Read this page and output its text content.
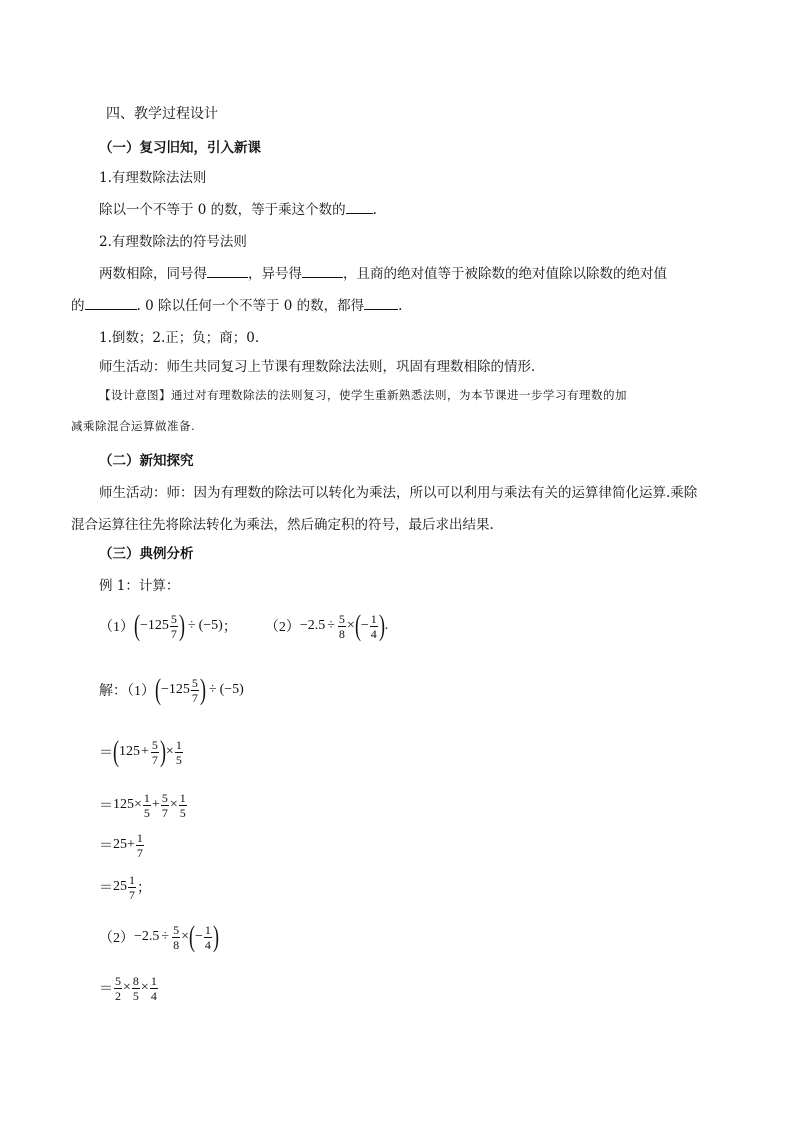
四、教学过程设计
（一）复习旧知，引入新课
1.有理数除法法则
除以一个不等于 0 的数，等于乘这个数的 .
2.有理数除法的符号法则
两数相除，同号得	，异号得	，且商的绝对值等于被除数的绝对值除以除数的绝对值
的	. 0 除以任何一个不等于 0 的数，都得	.
1.倒数；2.正；负；商；0.
师生活动：师生共同复习上节课有理数除法法则，巩固有理数相除的情形．
【设计意图】通过对有理数除法的法则复习，使学生重新熟悉法则，为本节课进一步学习有理数的加
减乘除混合运算做准备.
（二）新知探究
师生活动：师：因为有理数的除法可以转化为乘法，所以可以利用与乘法有关的运算律简化运算.乘除
混合运算往往先将除法转化为乘法，然后确定积的符号，最后求出结果.
（三）典例分析
例 1：计算：
（1） ( $-125 \frac{5}{7}$ ) ÷ (−5) ； $(2) -2.5 \div \frac{5}{8}$ × ( − $\frac{1}{4}$ ) .
解：（1） ( $-125 \frac{5}{7}$ ) ÷ (−5)
＝ ( $125 + \frac{5}{7}$ ) × $\frac{1}{5}$
＝ $125 \times \frac{1}{5} + \frac{5}{7} \times \frac{1}{5}$
＝ $25 + \frac{1}{7}$
＝ $25 \frac{1}{7}$ ；
$(2) -2.5 \div \frac{5}{8}$ × ( − $\frac{1}{4}$ )
＝ $\frac{5}{2} \times \frac{8}{5} \times \frac{1}{4}$
